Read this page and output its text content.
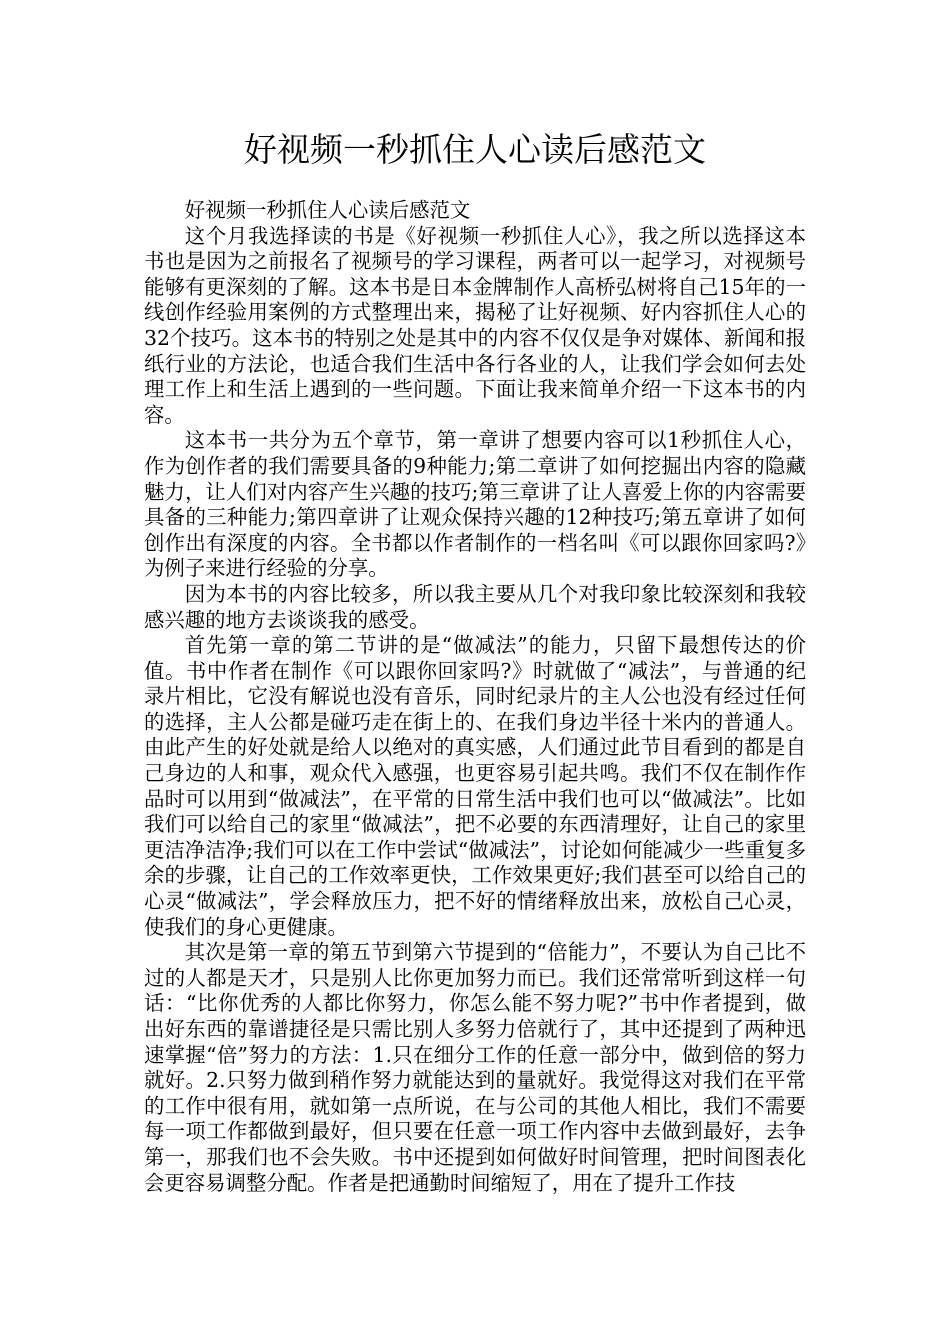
好视频一秒抓住人心读后感范文

好视频一秒抓住人心读后感范文

这个月我选择读的书是《好视频一秒抓住人心》，我之所以选择这本书也是因为之前报名了视频号的学习课程，两者可以一起学习，对视频号能够有更深刻的了解。这本书是日本金牌制作人高桥弘树将自己15年的一线创作经验用案例的方式整理出来，揭秘了让好视频、好内容抓住人心的32个技巧。这本书的特别之处是其中的内容不仅仅是争对媒体、新闻和报纸行业的方法论，也适合我们生活中各行各业的人，让我们学会如何去处理工作上和生活上遇到的一些问题。下面让我来简单介绍一下这本书的内容。

这本书一共分为五个章节，第一章讲了想要内容可以1秒抓住人心，作为创作者的我们需要具备的9种能力;第二章讲了如何挖掘出内容的隐藏魅力，让人们对内容产生兴趣的技巧;第三章讲了让人喜爱上你的内容需要具备的三种能力;第四章讲了让观众保持兴趣的12种技巧;第五章讲了如何创作出有深度的内容。全书都以作者制作的一档名叫《可以跟你回家吗?》为例子来进行经验的分享。

因为本书的内容比较多，所以我主要从几个对我印象比较深刻和我较感兴趣的地方去谈谈我的感受。

首先第一章的第二节讲的是“做减法”的能力，只留下最想传达的价值。书中作者在制作《可以跟你回家吗?》时就做了“减法”，与普通的纪录片相比，它没有解说也没有音乐，同时纪录片的主人公也没有经过任何的选择，主人公都是碰巧走在街上的、在我们身边半径十米内的普通人。由此产生的好处就是给人以绝对的真实感，人们通过此节目看到的都是自己身边的人和事，观众代入感强，也更容易引起共鸣。我们不仅在制作作品时可以用到“做减法”，在平常的日常生活中我们也可以“做减法”。比如我们可以给自己的家里“做减法”，把不必要的东西清理好，让自己的家里更洁净洁净;我们可以在工作中尝试“做减法”，讨论如何能减少一些重复多余的步骤，让自己的工作效率更快，工作效果更好;我们甚至可以给自己的心灵“做减法”，学会释放压力，把不好的情绪释放出来，放松自己心灵，使我们的身心更健康。

其次是第一章的第五节到第六节提到的“倍能力”，不要认为自己比不过的人都是天才，只是别人比你更加努力而已。我们还常常听到这样一句话：“比你优秀的人都比你努力，你怎么能不努力呢?”书中作者提到，做出好东西的靠谱捷径是只需比别人多努力倍就行了，其中还提到了两种迅速掌握“倍”努力的方法：1.只在细分工作的任意一部分中，做到倍的努力就好。2.只努力做到稍作努力就能达到的量就好。我觉得这对我们在平常的工作中很有用，就如第一点所说，在与公司的其他人相比，我们不需要每一项工作都做到最好，但只要在任意一项工作内容中去做到最好，去争第一，那我们也不会失败。书中还提到如何做好时间管理，把时间图表化会更容易调整分配。作者是把通勤时间缩短了，用在了提升工作技
